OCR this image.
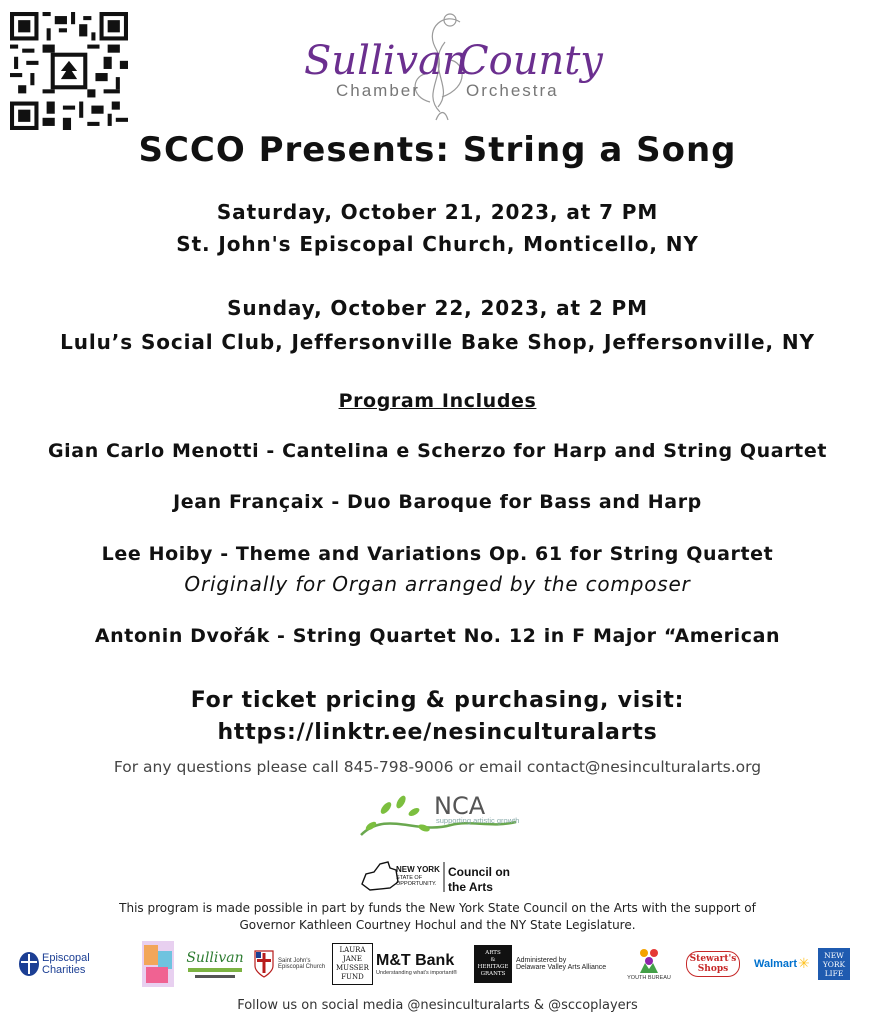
Sullivan
County
Chamber	Orchestra
SCCO Presents: String a Song
Saturday, October 21, 2023, at 7 PM
St. John's Episcopal Church, Monticello, NY
Sunday, October 22, 2023, at 2 PM
Lulu’s Social Club, Jeffersonville Bake Shop, Jeffersonville, NY
Program Includes
Gian Carlo Menotti - Cantelina e Scherzo for Harp and String Quartet
Jean Françaix - Duo Baroque for Bass and Harp
Lee Hoiby - Theme and Variations Op. 61 for String Quartet
Originally for Organ arranged by the composer
Antonin Dvořák - String Quartet No. 12 in F Major “American
For ticket pricing & purchasing, visit:
https://linktr.ee/nesinculturalarts
For any questions please call 845-798-9006 or email contact@nesinculturalarts.org
NCA
supporting artistic growth
NEW YORK
STATE OF
OPPORTUNITY.
Council on
the Arts
This program is made possible in part by funds the New York State Council on the Arts with the support of
Governor Kathleen Courtney Hochul and the NY State Legislature.
Episcopal Charities
Sullivan	Saint John's
Episcopal Church
LAURA
JANE
MUSSER
FUND
M&T Bank
Understanding what's important®
ARTS
&
HERITAGE
GRANTS
Administered by
Delaware Valley Arts Alliance
YOUTH BUREAU
Stewart's
Shops	Walmart ✳
NEW
YORK
LIFE
Follow us on social media @nesinculturalarts & @sccoplayers
